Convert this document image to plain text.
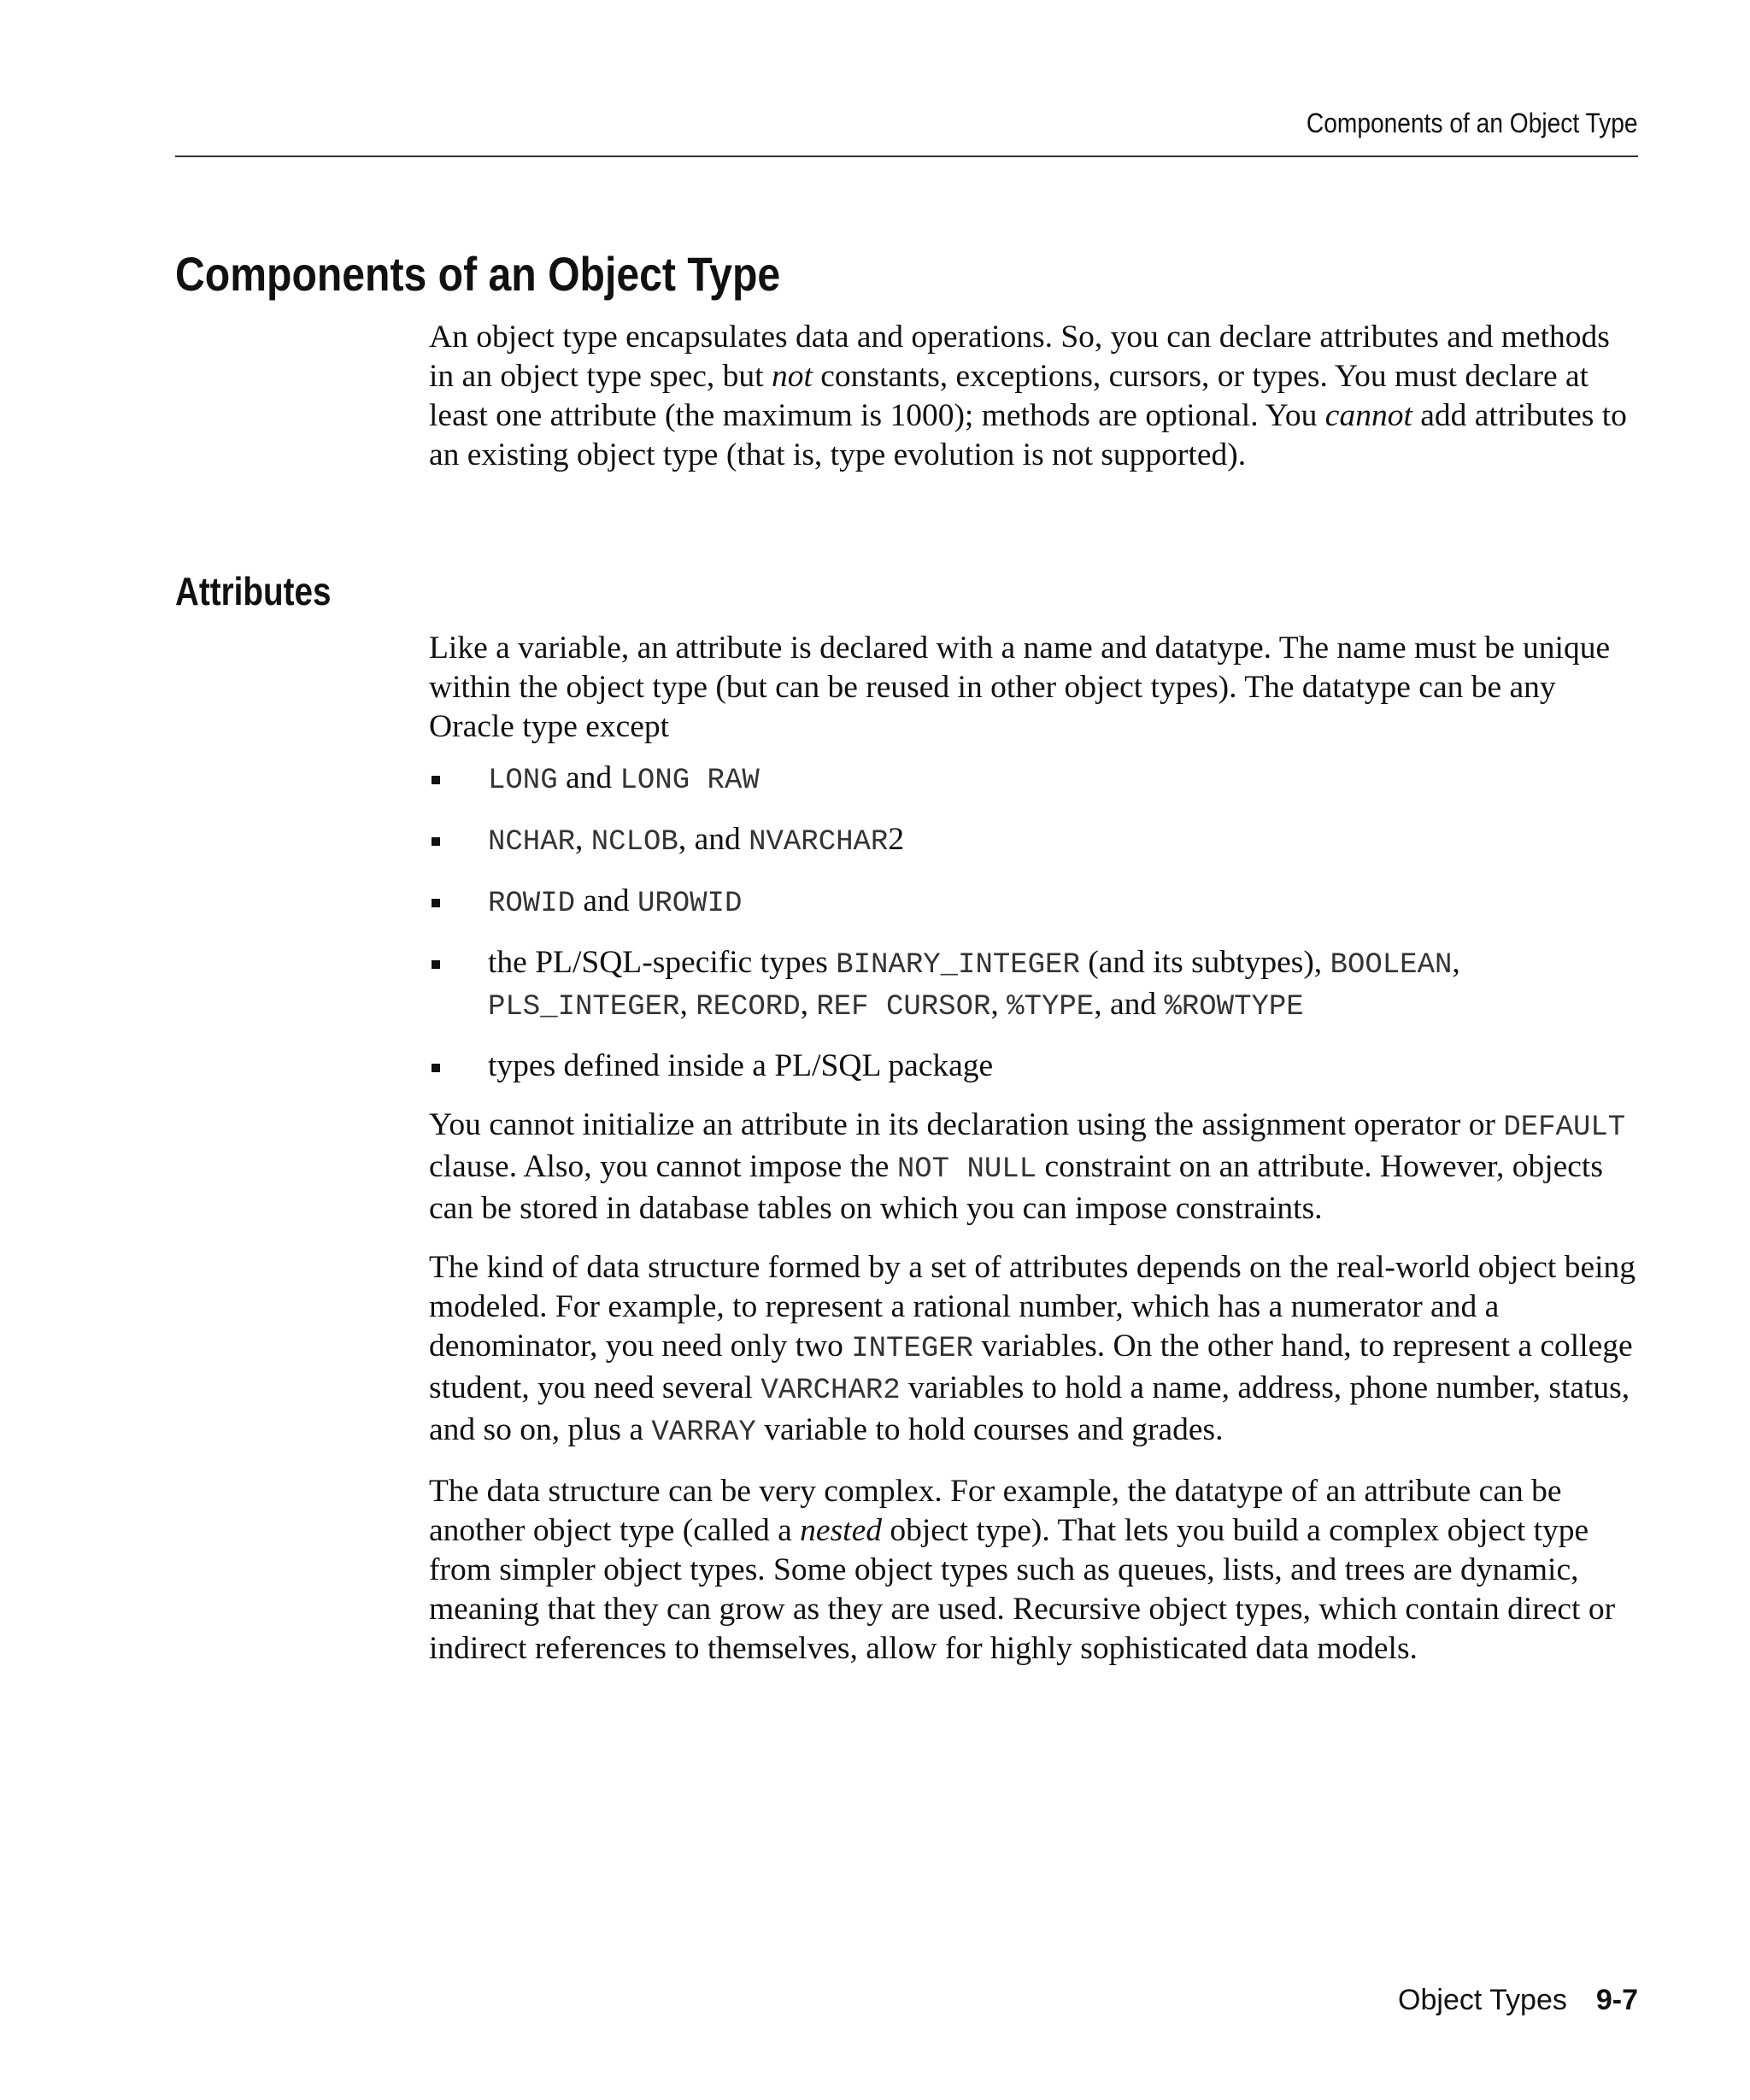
Components of an Object Type
Components of an Object Type

An object type encapsulates data and operations. So, you can declare attributes and methods in an object type spec, but not constants, exceptions, cursors, or types. You must declare at least one attribute (the maximum is 1000); methods are optional. You cannot add attributes to an existing object type (that is, type evolution is not supported).

Attributes

Like a variable, an attribute is declared with a name and datatype. The name must be unique within the object type (but can be reused in other object types). The datatype can be any Oracle type except

LONG and LONG RAW
NCHAR, NCLOB, and NVARCHAR2
ROWID and UROWID
the PL/SQL-specific types BINARY_INTEGER (and its subtypes), BOOLEAN, PLS_INTEGER, RECORD, REF CURSOR, %TYPE, and %ROWTYPE
types defined inside a PL/SQL package

You cannot initialize an attribute in its declaration using the assignment operator or DEFAULT clause. Also, you cannot impose the NOT NULL constraint on an attribute. However, objects can be stored in database tables on which you can impose constraints.

The kind of data structure formed by a set of attributes depends on the real-world object being modeled. For example, to represent a rational number, which has a numerator and a denominator, you need only two INTEGER variables. On the other hand, to represent a college student, you need several VARCHAR2 variables to hold a name, address, phone number, status, and so on, plus a VARRAY variable to hold courses and grades.

The data structure can be very complex. For example, the datatype of an attribute can be another object type (called a nested object type). That lets you build a complex object type from simpler object types. Some object types such as queues, lists, and trees are dynamic, meaning that they can grow as they are used. Recursive object types, which contain direct or indirect references to themselves, allow for highly sophisticated data models.

Object Types 9-7
